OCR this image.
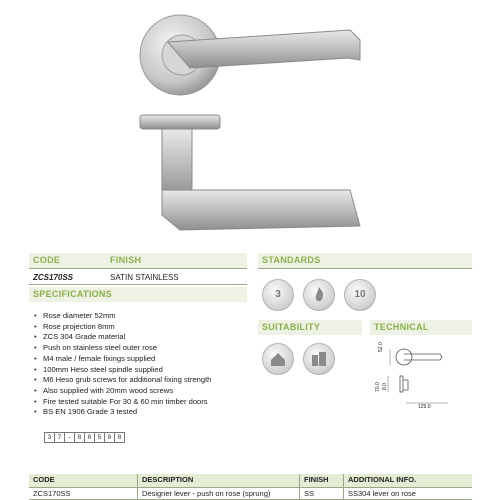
CODE	FINISH
ZCS170SS	SATIN STAINLESS
SPECIFICATIONS
• Rose diameter 52mm
• Rose projection 8mm
• ZCS 304 Grade material
• Push on stainless steel outer rose
• M4 male / female fixings supplied
• 100mm Heso steel spindle supplied
• M6 Heso grub screws for additional fixing strength
• Also supplied with 20mm wood screws
• Fire tested suitable For 30 & 60 min timber doors
• BS EN 1906 Grade 3 tested
3 7 - 8 0 5 0 8
STANDARDS
3	10
SUITABILITY	TECHNICAL
52.0
70.0 8.0
129.0
CODE	DESCRIPTION	FINISH	ADDITIONAL INFO.
ZCS170SS	Designer lever - push on rose (sprung)	SS	SS304 lever on rose
